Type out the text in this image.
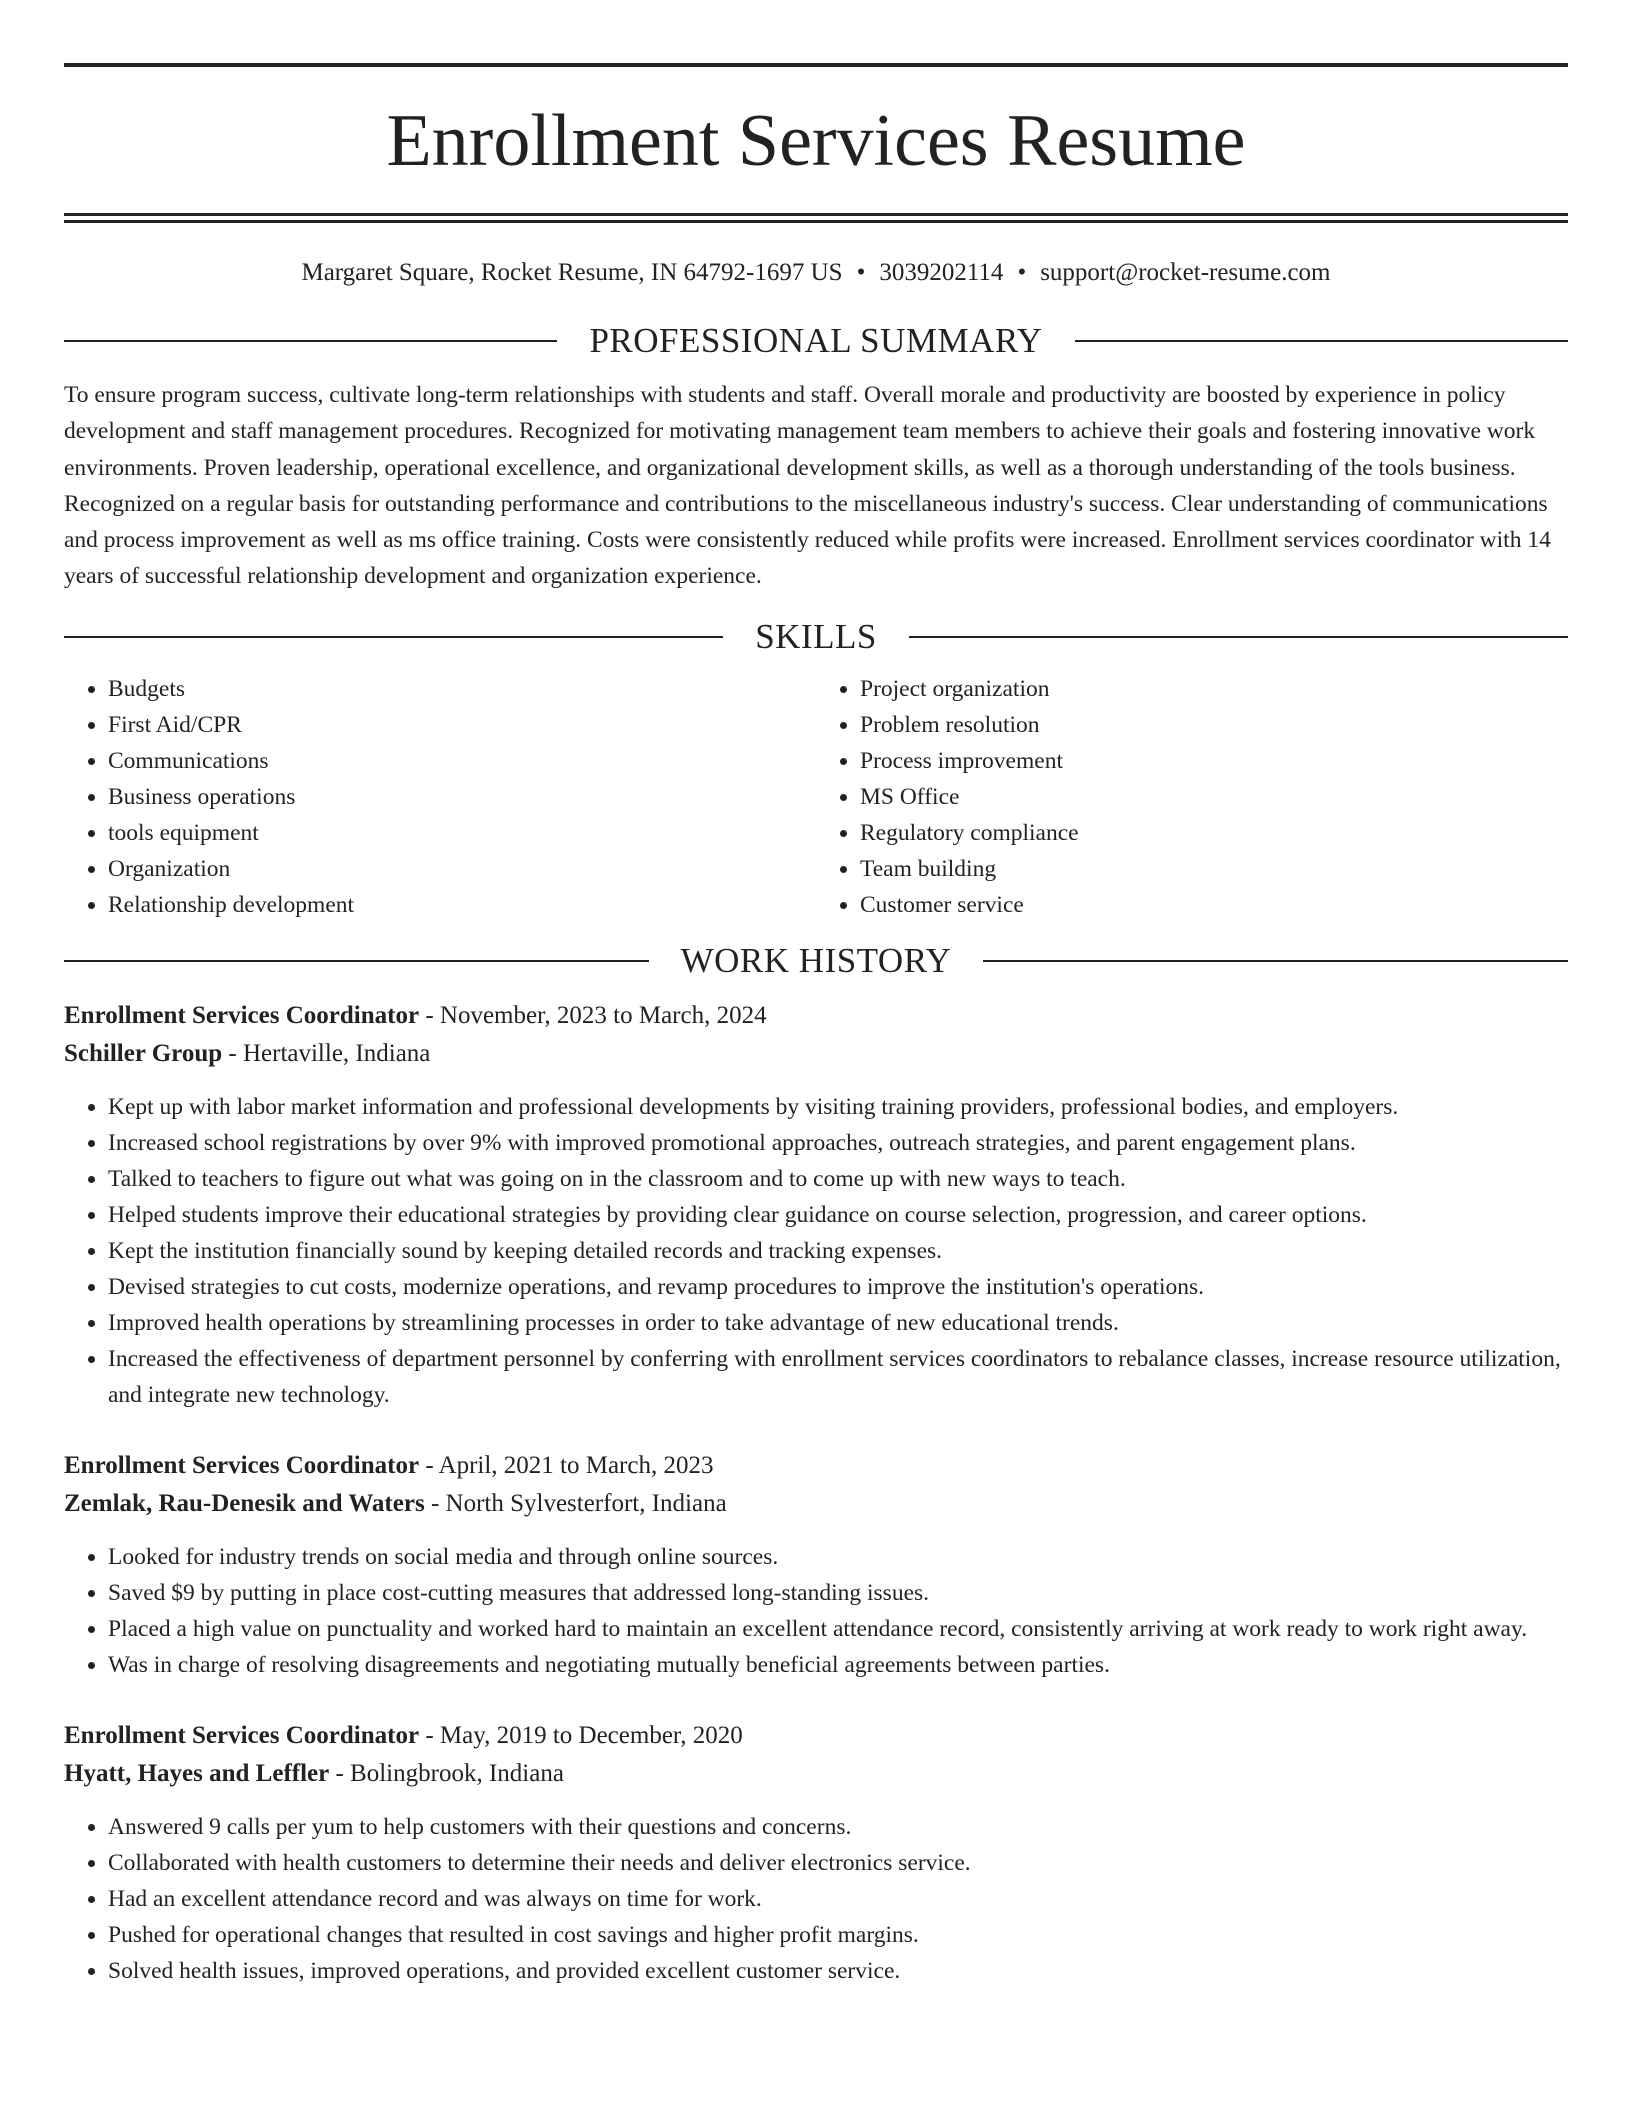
Enrollment Services Resume
Margaret Square, Rocket Resume, IN 64792-1697 US • 3039202114 • support@rocket-resume.com
PROFESSIONAL SUMMARY
To ensure program success, cultivate long-term relationships with students and staff. Overall morale and productivity are boosted by experience in policy development and staff management procedures. Recognized for motivating management team members to achieve their goals and fostering innovative work environments. Proven leadership, operational excellence, and organizational development skills, as well as a thorough understanding of the tools business. Recognized on a regular basis for outstanding performance and contributions to the miscellaneous industry's success. Clear understanding of communications and process improvement as well as ms office training. Costs were consistently reduced while profits were increased. Enrollment services coordinator with 14 years of successful relationship development and organization experience.
SKILLS
• Budgets
• First Aid/CPR
• Communications
• Business operations
• tools equipment
• Organization
• Relationship development
• Project organization
• Problem resolution
• Process improvement
• MS Office
• Regulatory compliance
• Team building
• Customer service
WORK HISTORY
Enrollment Services Coordinator - November, 2023 to March, 2024
Schiller Group - Hertaville, Indiana
• Kept up with labor market information and professional developments by visiting training providers, professional bodies, and employers.
• Increased school registrations by over 9% with improved promotional approaches, outreach strategies, and parent engagement plans.
• Talked to teachers to figure out what was going on in the classroom and to come up with new ways to teach.
• Helped students improve their educational strategies by providing clear guidance on course selection, progression, and career options.
• Kept the institution financially sound by keeping detailed records and tracking expenses.
• Devised strategies to cut costs, modernize operations, and revamp procedures to improve the institution's operations.
• Improved health operations by streamlining processes in order to take advantage of new educational trends.
• Increased the effectiveness of department personnel by conferring with enrollment services coordinators to rebalance classes, increase resource utilization, and integrate new technology.
Enrollment Services Coordinator - April, 2021 to March, 2023
Zemlak, Rau-Denesik and Waters - North Sylvesterfort, Indiana
• Looked for industry trends on social media and through online sources.
• Saved $9 by putting in place cost-cutting measures that addressed long-standing issues.
• Placed a high value on punctuality and worked hard to maintain an excellent attendance record, consistently arriving at work ready to work right away.
• Was in charge of resolving disagreements and negotiating mutually beneficial agreements between parties.
Enrollment Services Coordinator - May, 2019 to December, 2020
Hyatt, Hayes and Leffler - Bolingbrook, Indiana
• Answered 9 calls per yum to help customers with their questions and concerns.
• Collaborated with health customers to determine their needs and deliver electronics service.
• Had an excellent attendance record and was always on time for work.
• Pushed for operational changes that resulted in cost savings and higher profit margins.
• Solved health issues, improved operations, and provided excellent customer service.
